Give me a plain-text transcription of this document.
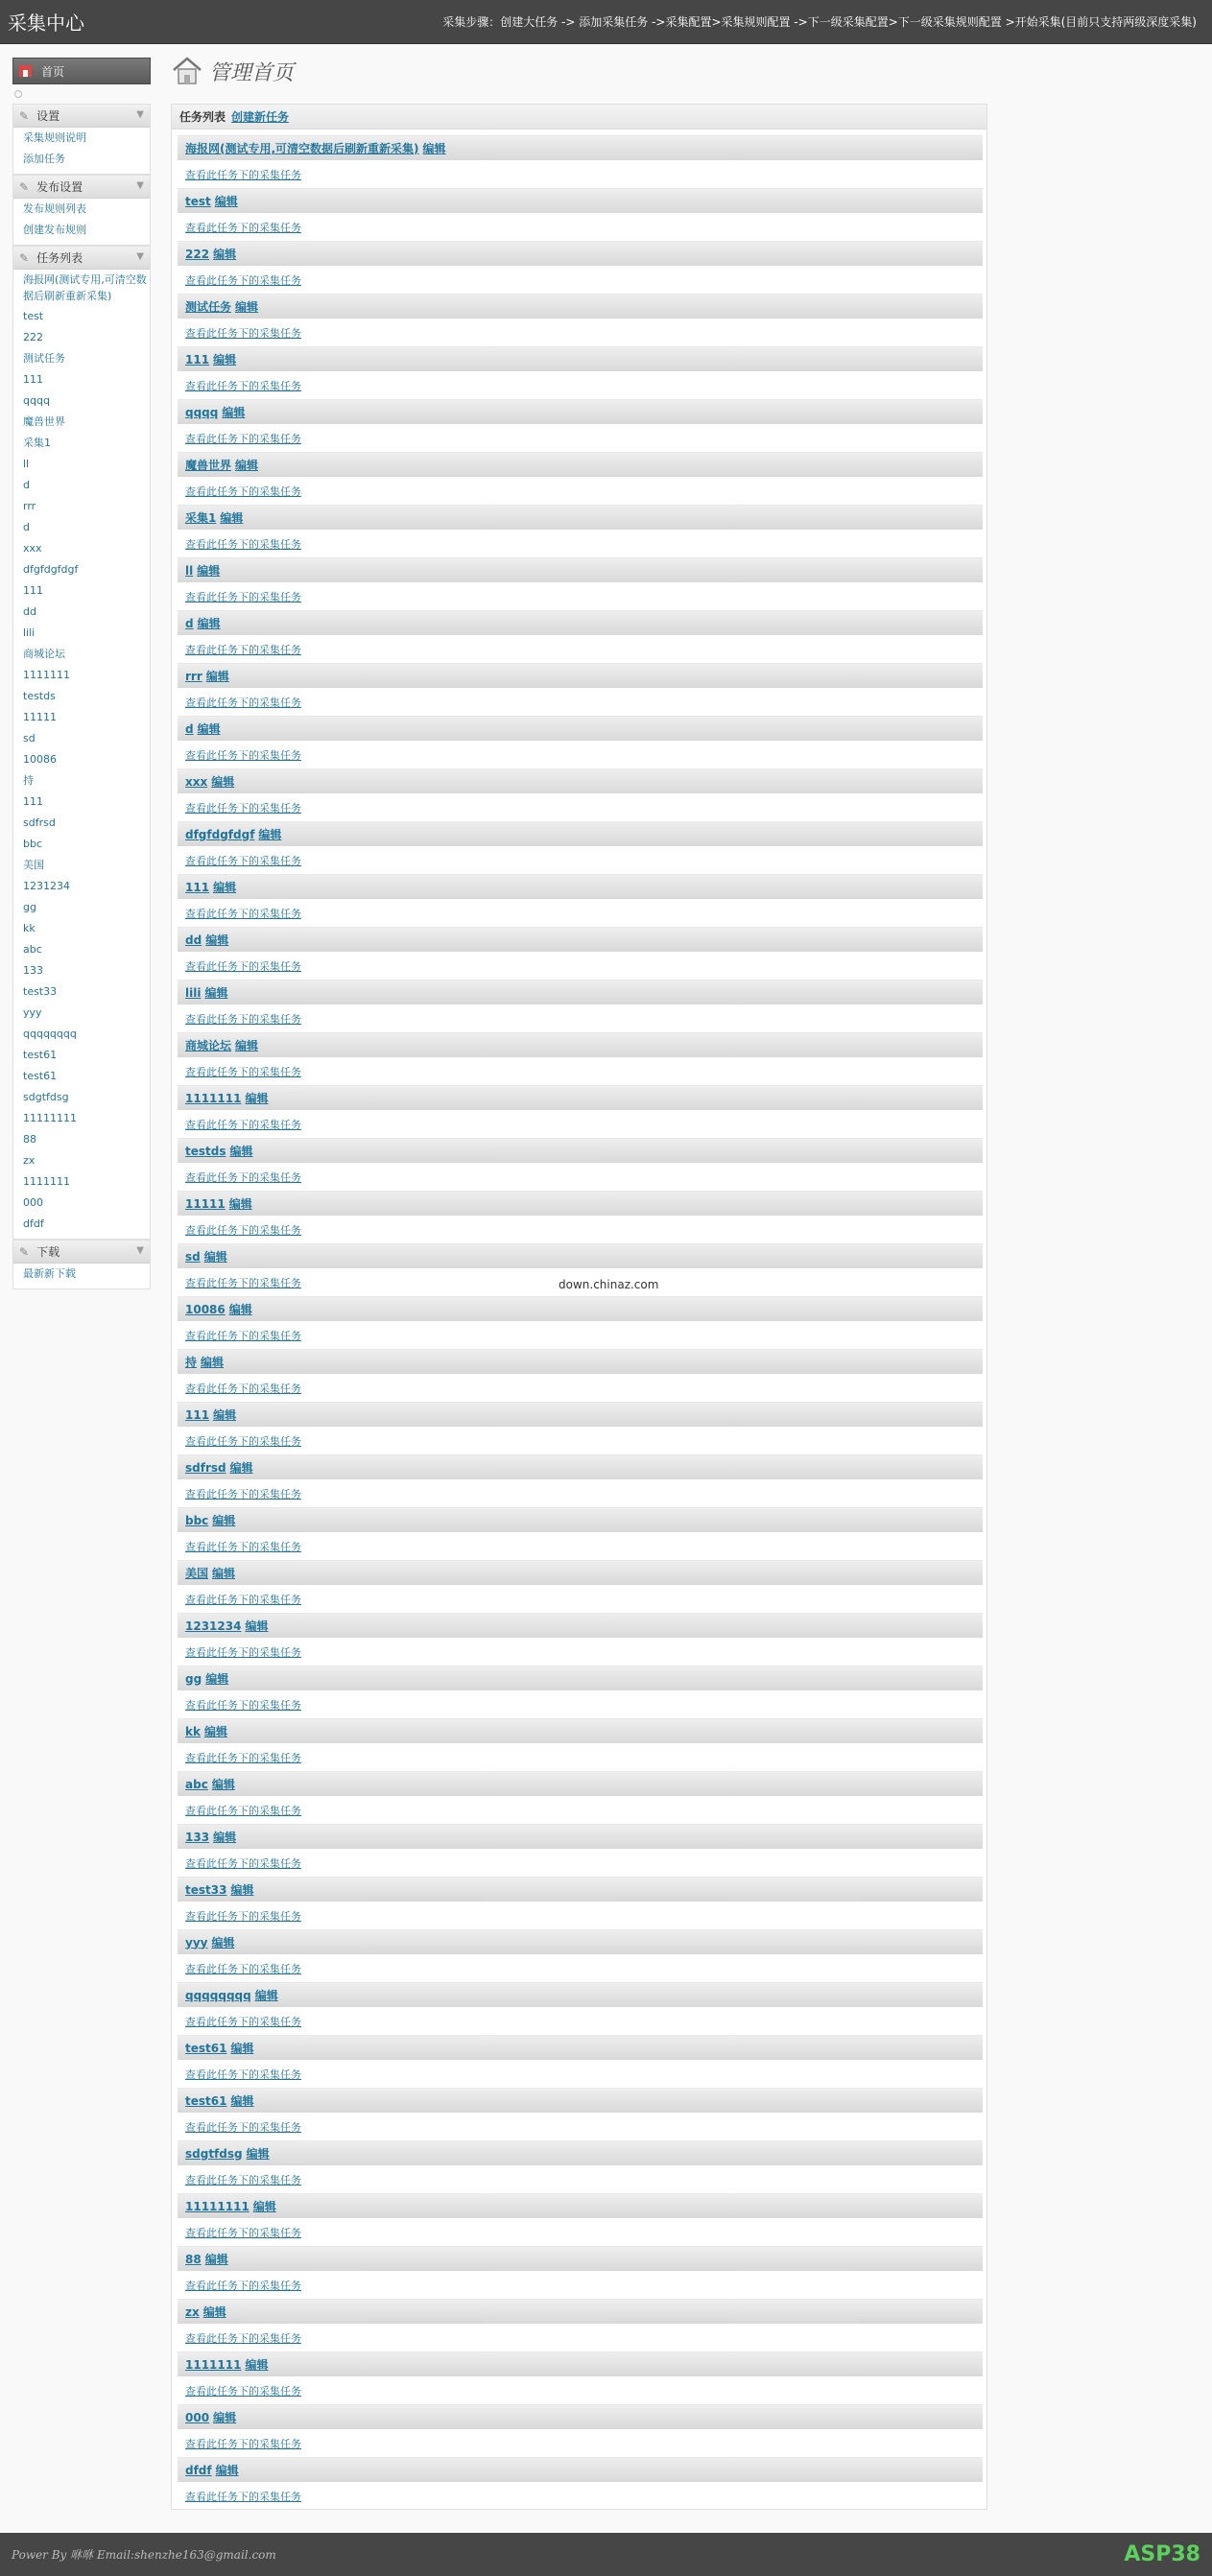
采集中心	采集步骤：创建大任务 -> 添加采集任务 ->采集配置>采集规则配置 ->下一级采集配置>下一级采集规则配置 >开始采集(目前只支持两级深度采集)
首页
✎ 设置	▼
采集规则说明
添加任务
✎ 发布设置	▼
发布规则列表
创建发布规则
✎ 任务列表	▼
海报网(测试专用,可清空数据后刷新重新采集)
test
222
测试任务
111
qqqq
魔兽世界
采集1
ll
d
rrr
d
xxx
dfgfdgfdgf
111
dd
lili
商城论坛
1111111
testds
11111
sd
10086
持
111
sdfrsd
bbc
美国
1231234
gg
kk
abc
133
test33
yyy
qqqqqqqq
test61
test61
sdgtfdsg
11111111
88
zx
1111111
000
dfdf
✎ 下载	▼
最新新下载
管理首页
任务列表 创建新任务
海报网(测试专用,可清空数据后刷新重新采集) 编辑
查看此任务下的采集任务
test 编辑
查看此任务下的采集任务
222 编辑
查看此任务下的采集任务
测试任务 编辑
查看此任务下的采集任务
111 编辑
查看此任务下的采集任务
qqqq 编辑
查看此任务下的采集任务
魔兽世界 编辑
查看此任务下的采集任务
采集1 编辑
查看此任务下的采集任务
ll 编辑
查看此任务下的采集任务
d 编辑
查看此任务下的采集任务
rrr 编辑
查看此任务下的采集任务
d 编辑
查看此任务下的采集任务
xxx 编辑
查看此任务下的采集任务
dfgfdgfdgf 编辑
查看此任务下的采集任务
111 编辑
查看此任务下的采集任务
dd 编辑
查看此任务下的采集任务
lili 编辑
查看此任务下的采集任务
商城论坛 编辑
查看此任务下的采集任务
1111111 编辑
查看此任务下的采集任务
testds 编辑
查看此任务下的采集任务
11111 编辑
查看此任务下的采集任务
sd 编辑
查看此任务下的采集任务
10086 编辑
查看此任务下的采集任务
持 编辑
查看此任务下的采集任务
111 编辑
查看此任务下的采集任务
sdfrsd 编辑
查看此任务下的采集任务
bbc 编辑
查看此任务下的采集任务
美国 编辑
查看此任务下的采集任务
1231234 编辑
查看此任务下的采集任务
gg 编辑
查看此任务下的采集任务
kk 编辑
查看此任务下的采集任务
abc 编辑
查看此任务下的采集任务
133 编辑
查看此任务下的采集任务
test33 编辑
查看此任务下的采集任务
yyy 编辑
查看此任务下的采集任务
qqqqqqqq 编辑
查看此任务下的采集任务
test61 编辑
查看此任务下的采集任务
test61 编辑
查看此任务下的采集任务
sdgtfdsg 编辑
查看此任务下的采集任务
11111111 编辑
查看此任务下的采集任务
88 编辑
查看此任务下的采集任务
zx 编辑
查看此任务下的采集任务
1111111 编辑
查看此任务下的采集任务
000 编辑
查看此任务下的采集任务
dfdf 编辑
查看此任务下的采集任务
down.chinaz.com
Power By 咻咻 Email:shenzhe163@gmail.com	ASP38
